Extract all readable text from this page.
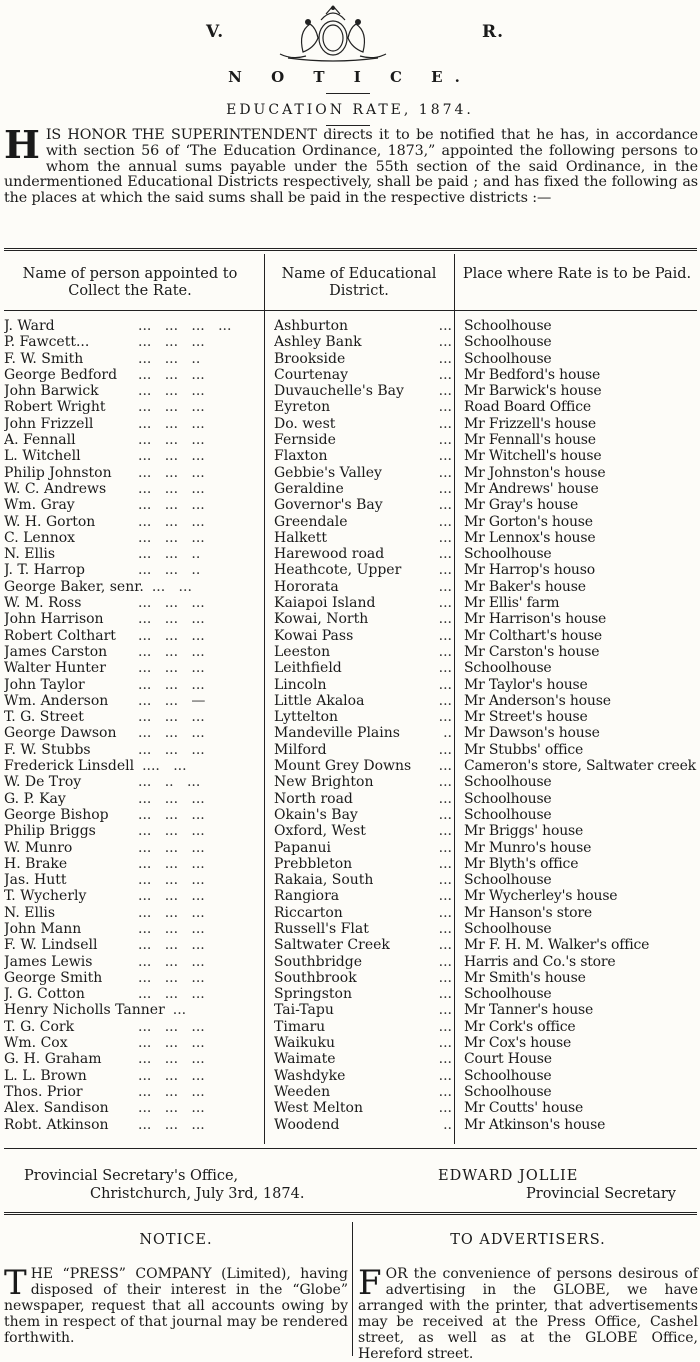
V.	R.
N O T I C E.
EDUCATION RATE, 1874.
H IS HONOR THE SUPERINTENDENT directs it to be notified that he has, in accordance with section 56 of ‘The Education Ordinance, 1873,” appointed the following persons to whom the annual sums payable under the 55th section of the said Ordinance, in the undermentioned Educational Districts respectively, shall be paid ; and has fixed the following as the places at which the said sums shall be paid in the respective districts :—
Name of person appointed to Collect the Rate.
Name of Educational District.
Place where Rate is to be Paid.
J. Ward	...   ...   ...   ...	Ashburton	... Schoolhouse
P. Fawcett...	...   ...   ...	Ashley Bank	... Schoolhouse
F. W. Smith	...   ...   ..	Brookside	... Schoolhouse
George Bedford ...   ...   ...	Courtenay	... Mr Bedford's house
John Barwick	...   ...   ...	Duvauchelle's Bay ... Mr Barwick's house
Robert Wright ...   ...   ...	Eyreton	... Road Board Office
John Frizzell	...   ...   ...	Do. west	... Mr Frizzell's house
A. Fennall	...   ...   ...	Fernside	... Mr Fennall's house
L. Witchell	...   ...   ...	Flaxton	... Mr Witchell's house
Philip Johnston ...   ...   ...	Gebbie's Valley	... Mr Johnston's house
W. C. Andrews ...   ...   ...	Geraldine	... Mr Andrews' house
Wm. Gray	...   ...   ...	Governor's Bay	... Mr Gray's house
W. H. Gorton	...   ...   ...	Greendale	... Mr Gorton's house
C. Lennox	...   ...   ...	Halkett	... Mr Lennox's house
N. Ellis	...   ...   ..	Harewood road	... Schoolhouse
J. T. Harrop	...   ...   ..	Heathcote, Upper	... Mr Harrop's houso
George Baker, senr. ...   ...	Hororata	... Mr Baker's house
W. M. Ross	...   ...   ...	Kaiapoi Island	... Mr Ellis' farm
John Harrison ...   ...   ...	Kowai, North	... Mr Harrison's house
Robert Colthart ...   ...   ...	Kowai Pass	... Mr Colthart's house
James Carston ...   ...   ...	Leeston	... Mr Carston's house
Walter Hunter ...   ...   ...	Leithfield	... Schoolhouse
John Taylor	...   ...   ...	Lincoln	... Mr Taylor's house
Wm. Anderson ...   ...   —	Little Akaloa	... Mr Anderson's house
T. G. Street	...   ...   ...	Lyttelton	... Mr Street's house
George Dawson ...   ...   ...	Mandeville Plains	.. Mr Dawson's house
F. W. Stubbs	...   ...   ...	Milford	... Mr Stubbs' office
Frederick Linsdell ....   ...	Mount Grey Downs ... Cameron's store, Saltwater creek
W. De Troy	...   ..   ...	New Brighton	... Schoolhouse
G. P. Kay	...   ...   ...	North road	... Schoolhouse
George Bishop ...   ...   ...	Okain's Bay	... Schoolhouse
Philip Briggs	...   ...   ...	Oxford, West	... Mr Briggs' house
W. Munro	...   ...   ...	Papanui	... Mr Munro's house
H. Brake	...   ...   ...	Prebbleton	... Mr Blyth's office
Jas. Hutt	...   ...   ...	Rakaia, South	... Schoolhouse
T. Wycherly	...   ...   ...	Rangiora	... Mr Wycherley's house
N. Ellis	...   ...   ...	Riccarton	... Mr Hanson's store
John Mann	...   ...   ...	Russell's Flat	... Schoolhouse
F. W. Lindsell	...   ...   ...	Saltwater Creek	... Mr F. H. M. Walker's office
James Lewis	...   ...   ...	Southbridge	... Harris and Co.'s store
George Smith	...   ...   ...	Southbrook	... Mr Smith's house
J. G. Cotton	...   ...   ...	Springston	... Schoolhouse
Henry Nicholls Tanner ...	Tai-Tapu	... Mr Tanner's house
T. G. Cork	...   ...   ...	Timaru	... Mr Cork's office
Wm. Cox	...   ...   ...	Waikuku	... Mr Cox's house
G. H. Graham	...   ...   ...	Waimate	... Court House
L. L. Brown	...   ...   ...	Washdyke	... Schoolhouse
Thos. Prior	...   ...   ...	Weeden	... Schoolhouse
Alex. Sandison ...   ...   ...	West Melton	... Mr Coutts' house
Robt. Atkinson ...   ...   ...	Woodend	.. Mr Atkinson's house
Provincial Secretary's Office,
Christchurch, July 3rd, 1874.
EDWARD JOLLIE
Provincial Secretary
NOTICE.
T HE “PRESS” COMPANY (Limited), having disposed of their interest in the “Globe” newspaper, request that all accounts owing by them in respect of that journal may be rendered forthwith.
TO ADVERTISERS.
F OR the convenience of persons desirous of advertising in the GLOBE, we have arranged with the printer, that advertisements may be received at the Press Office, Cashel street, as well as at the GLOBE Office, Hereford street.
